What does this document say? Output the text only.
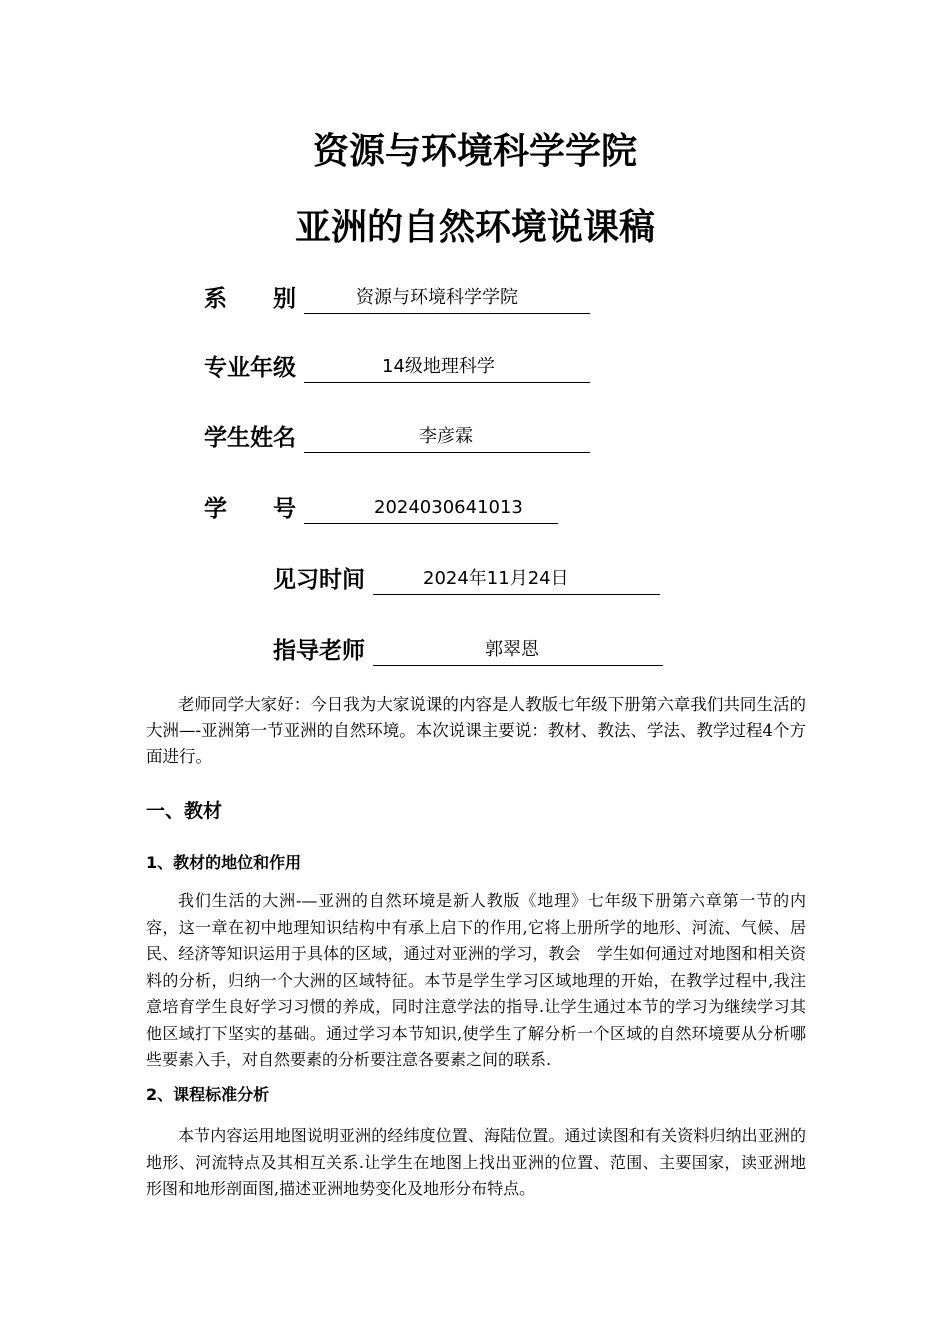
资源与环境科学学院
亚洲的自然环境说课稿
系　　别	资源与环境科学学院
专业年级	14级地理科学
学生姓名	李彦霖
学　　号	2024030641013
见习时间	2024年11月24日
指导老师	郭翠恩
老师同学大家好：今日我为大家说课的内容是人教版七年级下册第六章我们共同生活的大洲—-亚洲第一节亚洲的自然环境。本次说课主要说：教材、教法、学法、教学过程4个方面进行。
一、教材
1、教材的地位和作用
我们生活的大洲-—亚洲的自然环境是新人教版《地理》七年级下册第六章第一节的内容，这一章在初中地理知识结构中有承上启下的作用,它将上册所学的地形、河流、气候、居民、经济等知识运用于具体的区域，通过对亚洲的学习，教会　学生如何通过对地图和相关资料的分析，归纳一个大洲的区域特征。本节是学生学习区域地理的开始，在教学过程中,我注意培育学生良好学习习惯的养成，同时注意学法的指导.让学生通过本节的学习为继续学习其他区域打下坚实的基础。通过学习本节知识,使学生了解分析一个区域的自然环境要从分析哪些要素入手，对自然要素的分析要注意各要素之间的联系.
2、课程标准分析
本节内容运用地图说明亚洲的经纬度位置、海陆位置。通过读图和有关资料归纳出亚洲的地形、河流特点及其相互关系.让学生在地图上找出亚洲的位置、范围、主要国家，读亚洲地形图和地形剖面图,描述亚洲地势变化及地形分布特点。
